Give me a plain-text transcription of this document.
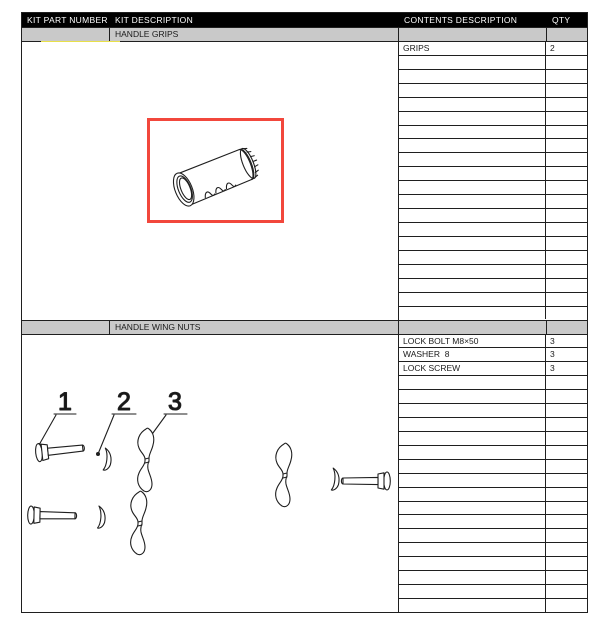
KIT PART NUMBER KIT DESCRIPTION	CONTENTS DESCRIPTION	QTY

HANDLE GRIPS
GRIPS	2

HANDLE WING NUTS
1 2 3
LOCK BOLT M8×50	3
WASHER  8	3
LOCK SCREW	3
